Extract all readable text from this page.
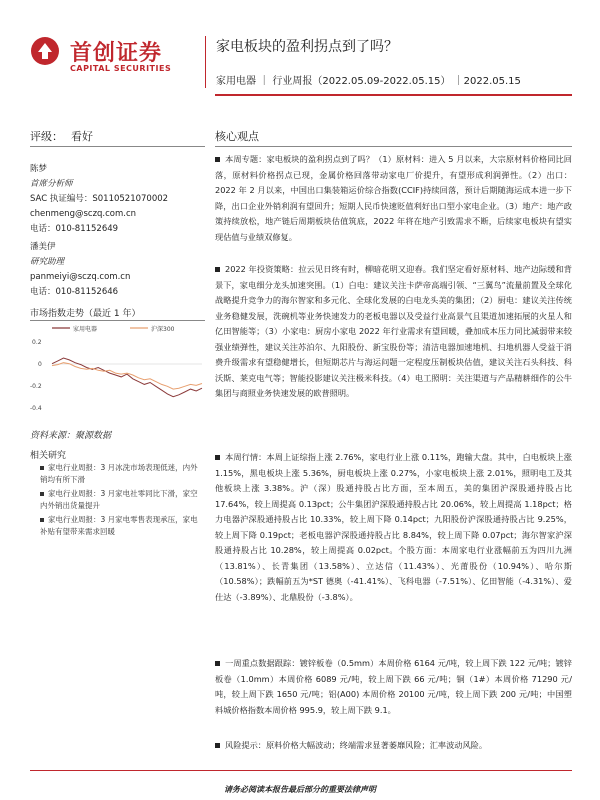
首创证券
CAPITAL SECURITIES
家电板块的盈利拐点到了吗？
家用电器 ｜ 行业周报（2022.05.09-2022.05.15） ｜2022.05.15
评级： 看好
陈梦
首席分析师
SAC 执证编号：S0110521070002
chenmeng@sczq.com.cn
电话：010-81152649
潘美伊
研究助理
panmeiyi@sczq.com.cn
电话：010-81152646
市场指数走势（最近 1 年）
家用电器	沪深300
0.2
0
-0.2
-0.4
资料来源：聚源数据
相关研究
家电行业周报：3 月冰洗市场表现低迷，内外销均有所下滑
家电行业周报：3 月家电社零同比下滑，家空内外销出货量提升
家电行业周报：3 月家电零售表现承压，家电补贴有望带来需求回暖
核心观点
本周专题：家电板块的盈利拐点到了吗？（1）原材料：进入 5 月以来，大宗原材料价格同比回落，原材料价格拐点已现，金属价格回落带动家电厂价提升，有望形成利润弹性。（2）出口：2022 年 2 月以来，中国出口集装箱运价综合指数(CCIF)持续回落，预计后期随海运成本进一步下降，出口企业外销利润有望回升；短期人民币快速贬值利好出口型小家电企业。（3）地产：地产政策持续放松，地产链后周期板块估值筑底，2022 年将在地产引致需求不断，后续家电板块有望实现估值与业绩双修复。
2022 年投资策略：拉云见日终有时，柳暗花明又迎春。我们坚定看好原材料、地产边际缓和背景下，家电细分龙头加速突围。（1）白电：建议关注卡萨帝高端引领、“三翼鸟”流量前置及全球化战略提升竞争力的海尔智家和多元化、全球化发展的白电龙头美的集团；（2）厨电：建议关注传统业务稳健发展，洗碗机等业务快速发力的老板电器以及受益行业高景气且渠道加速拓展的火星人和亿田智能等；（3）小家电：厨房小家电 2022 年行业需求有望回暖，叠加成本压力同比减弱带来较强业绩弹性，建议关注苏泊尔、九阳股份、新宝股份等；清洁电器加速地机、扫地机器人受益于消费升级需求有望稳健增长，但短期芯片与海运问题一定程度压制板块估值，建议关注石头科技、科沃斯、莱克电气等；智能投影建议关注极米科技。（4）电工照明：关注渠道与产品精耕细作的公牛集团与商照业务快速发展的欧普照明。
本周行情：本周上证综指上涨 2.76%，家电行业上涨 0.11%，跑输大盘。其中，白电板块上涨 1.15%，黑电板块上涨 5.36%，厨电板块上涨 0.27%，小家电板块上涨 2.01%，照明电工及其他板块上涨 3.38%。沪（深）股通持股占比方面，至本周五，美的集团沪深股通持股占比 17.64%，较上周提高 0.13pct；公牛集团沪深股通持股占比 20.06%，较上周提高 1.18pct；格力电器沪深股通持股占比 10.33%，较上周下降 0.14pct；九阳股份沪深股通持股占比 9.25%，较上周下降 0.19pct；老板电器沪深股通持股占比 8.84%，较上周下降 0.07pct；海尔智家沪深股通持股占比 10.28%，较上周提高 0.02pct。个股方面：本周家电行业涨幅前五为四川九洲（13.81%）、长青集团（13.58%）、立达信（11.43%）、光莆股份（10.94%）、哈尔斯（10.58%）；跌幅前五为*ST 德奥（-41.41%）、飞科电器（-7.51%）、亿田智能（-4.31%）、爱仕达（-3.89%）、北鼎股份（-3.8%）。
一周重点数据跟踪：镀锌板卷（0.5mm）本周价格 6164 元/吨，较上周下跌 122 元/吨；镀锌板卷（1.0mm）本周价格 6089 元/吨，较上周下跌 66 元/吨；铜（1#）本周价格 71290 元/吨，较上周下跌 1650 元/吨；铝(A00) 本周价格 20100 元/吨，较上周下跌 200 元/吨；中国塑料城价格指数本周价格 995.9，较上周下跌 9.1。
风险提示：原料价格大幅波动；终端需求显著萎靡风险；汇率波动风险。
请务必阅读本报告最后部分的重要法律声明
